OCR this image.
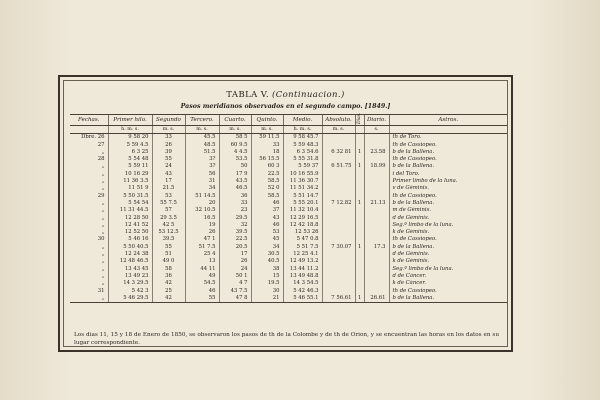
TABLA V. (Continuacion.)
Pasos meridianos observados en el segundo campo. [1849.]
Fechas.	Primer hilo.	Segundo	Tercero.	Cuarto.	Quinto.	Medio.	Absoluto.	Dias.	Diario.	Astros.
	h. m. s.	m. s.	m. s.	m. s.	m. s.	h. m. s.	m. s.		s.	
Dbre. 26	9 58 20	33	45.5	58 5	59 11.5	9 58 45.7				th de Toro.
27	5 59 4.5	26	48.5	60 9.5	33	5 59 48.3				th de Cassiopeo.
„	6 3 25	39	51.5	4 4.5	18	6 3 54.6	6 32 81	1	23.58	b de la Ballena.
28	5 54 48	55	3?	53.5	56 15.5	5 55 31.8				th de Cassiopeo.
„	5 59 11	24	3?	50	60 3	5 59 37	6 51.75	1	18.99	b de la Ballena.
„	10 16 29	43	56	17 9	22.5	10 16 55.9				i del Toro.
„	11 36 3.5	17	31	43.5	58.5	11 36 30.7				Primer limbo de la luna.
„	11 51 9	21.5	34	46.5	52 0	11 51 34.2				v de Géminis.
29	5 50 31.5	53	51 14.5	36	58.5	5 51 14.7				th de Cassiopeo.
„	5 54 54	55 7.5	20	33	46	5 55 20.1	7 12.82	1	21.13	b de la Ballena.
„	11 31 44.5	57	32 10.5	23	37	11 32 10.4				m de Géminis.
„	12 28 50	29 3.5	16.5	29.5	43	12 29 16.5				d de Géminis.
„	12 41 52	42 5	19	32	46	12 42 18.8				Seg.º limbo de la luna.
„	12 52 50	53 12.5	26	39.5	53	12 53 26				k de Géminis.
30	5 46 16	39.5	47 1	22.5	45	5 47 0.8				th de Cassiopeo.
„	5 50 40.5	55	51 7.5	20.5	34	5 51 7.5	7 30.07	1	17.3	b de la Ballena.
„	12 24 38	51	25 4	17	30.5	12 25 4.1				d de Géminis.
„	12 48 46.5	49 0	13	26	40.5	12 49 13.2				k de Géminis.
„	13 43 45	58	44 11	24	38	13 44 11.2				Seg.º limbo de la luna.
„	13 49 23	36	49	50 1	15	13 49 48.8				d de Cáncer.
„	14 3 29.5	42	54.5	4 7	19.5	14 3 54.5				k de Cáncer.
31	5 42 3	25	46	43 7.5	30	5 42 46.3				th de Cassiopeo.
„	5 46 29.5	42	55	47 8	21	5 46 55.1	7 56.61	1	26.61	b de la Ballena.
Los dias 11, 15 y 18 de Enero de 1850, se observaron los pasos de th de la Colombe y de th de Orion, y se encuentran las horas en los datos en su lugar correspondiente.
